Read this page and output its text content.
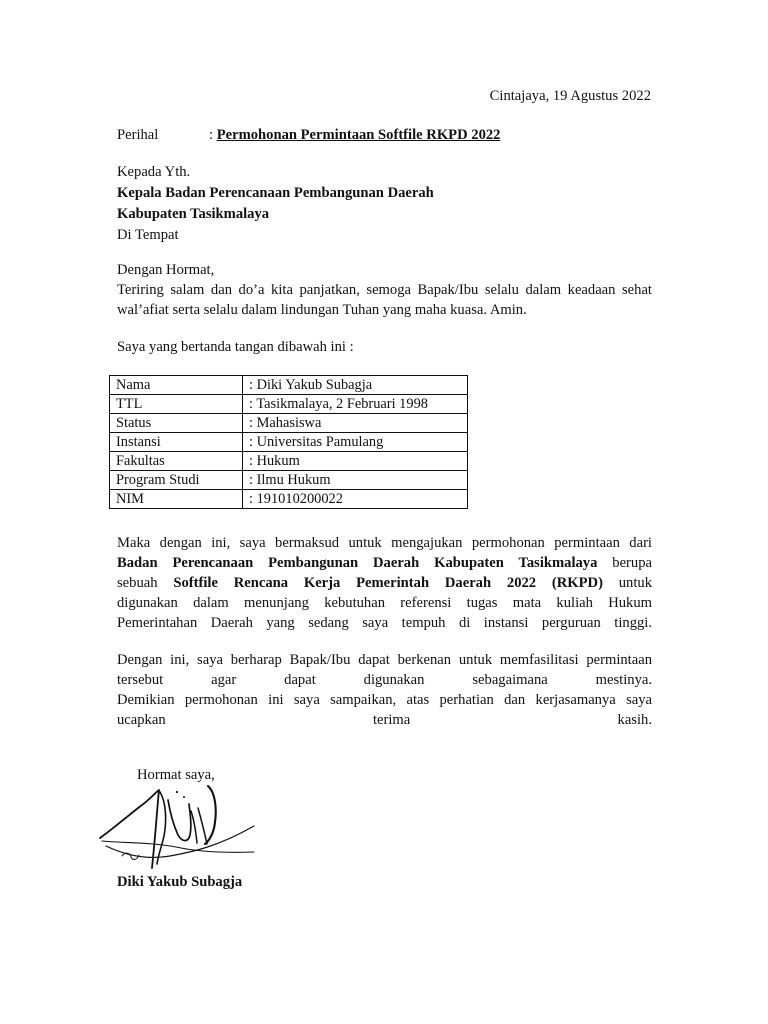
Cintajaya, 19 Agustus 2022
Perihal	: Permohonan Permintaan Softfile RKPD 2022
Kepada Yth.
Kepala Badan Perencanaan Pembangunan Daerah
Kabupaten Tasikmalaya
Di Tempat
Dengan Hormat,
Teriring salam dan do’a kita panjatkan, semoga Bapak/Ibu selalu dalam keadaan sehat
wal’afiat serta selalu dalam lindungan Tuhan yang maha kuasa. Amin.
Saya yang bertanda tangan dibawah ini :
Nama	: Diki Yakub Subagja
TTL	: Tasikmalaya, 2 Februari 1998
Status	: Mahasiswa
Instansi	: Universitas Pamulang
Fakultas	: Hukum
Program Studi	: Ilmu Hukum
NIM	: 191010200022
Maka dengan ini, saya bermaksud untuk mengajukan permohonan permintaan dari
Badan Perencanaan Pembangunan Daerah Kabupaten Tasikmalaya berupa
sebuah Softfile Rencana Kerja Pemerintah Daerah 2022 (RKPD) untuk
digunakan dalam menunjang kebutuhan referensi tugas mata kuliah Hukum
Pemerintahan Daerah yang sedang saya tempuh di instansi perguruan tinggi.
Dengan ini, saya berharap Bapak/Ibu dapat berkenan untuk memfasilitasi permintaan
tersebut agar dapat digunakan sebagaimana mestinya.
Demikian permohonan ini saya sampaikan, atas perhatian dan kerjasamanya saya
ucapkan terima kasih.
Hormat saya,
Diki Yakub Subagja
